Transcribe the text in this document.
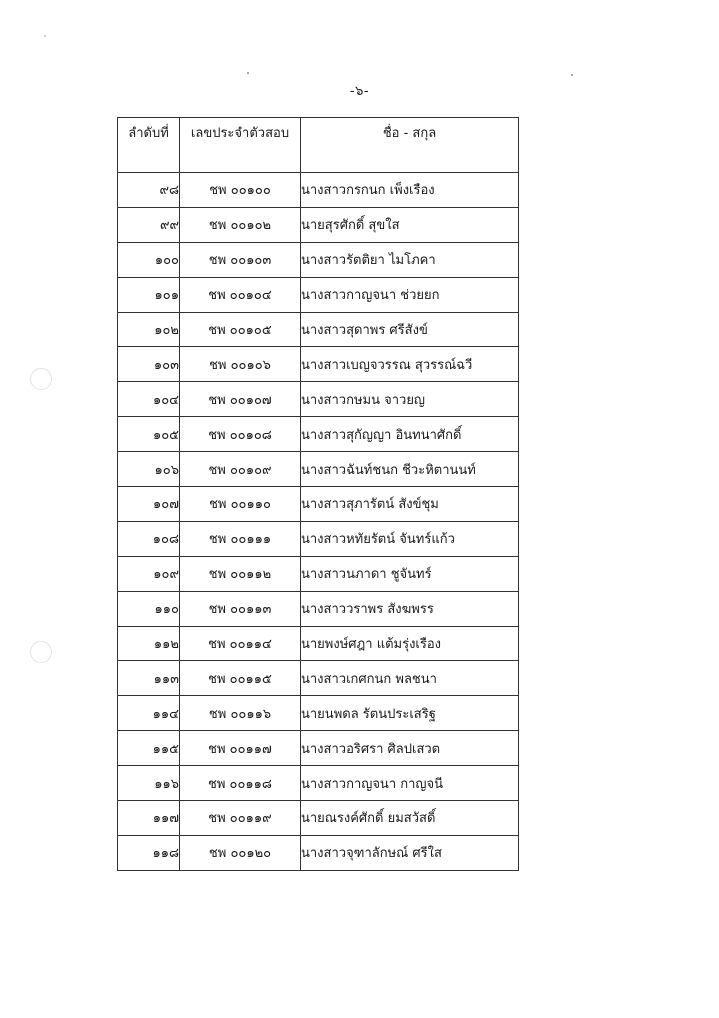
-๖-
ลำดับที่	เลขประจำตัวสอบ	ชื่อ - สกุล
๙๘	ชพ ๐๐๑๐๐	นางสาวกรกนก เพ็งเรือง
๙๙	ชพ ๐๐๑๐๒	นายสุรศักดิ์ สุขใส
๑๐๐	ชพ ๐๐๑๐๓	นางสาวรัตติยา ไมโภคา
๑๐๑	ชพ ๐๐๑๐๔	นางสาวกาญจนา ช่วยยก
๑๐๒	ชพ ๐๐๑๐๕	นางสาวสุดาพร ศรีสังข์
๑๐๓	ชพ ๐๐๑๐๖	นางสาวเบญจวรรณ สุวรรณ์ฉวี
๑๐๔	ชพ ๐๐๑๐๗	นางสาวกษมน จาวยญ
๑๐๕	ชพ ๐๐๑๐๘	นางสาวสุกัญญา อินทนาศักดิ์
๑๐๖	ชพ ๐๐๑๐๙	นางสาวฉันท์ชนก ชีวะหิตานนท์
๑๐๗	ชพ ๐๐๑๑๐	นางสาวสุภารัตน์ สังข์ชุม
๑๐๘	ชพ ๐๐๑๑๑	นางสาวหทัยรัตน์ จันทร์แก้ว
๑๐๙	ชพ ๐๐๑๑๒	นางสาวนภาดา ชูจันทร์
๑๑๐	ชพ ๐๐๑๑๓	นางสาววราพร สังฆพรร
๑๑๒	ชพ ๐๐๑๑๔	นายพงษ์ศฎา แต้มรุ่งเรือง
๑๑๓	ชพ ๐๐๑๑๕	นางสาวเกศกนก พลชนา
๑๑๔	ชพ ๐๐๑๑๖	นายนพดล รัตนประเสริฐ
๑๑๕	ชพ ๐๐๑๑๗	นางสาวอริศรา ศิลปเสวต
๑๑๖	ชพ ๐๐๑๑๘	นางสาวกาญจนา กาญจนี
๑๑๗	ชพ ๐๐๑๑๙	นายณรงค์ศักดิ์ ยมสวัสดิ์
๑๑๘	ชพ ๐๐๑๒๐	นางสาวจุฑาลักษณ์ ศรีใส
